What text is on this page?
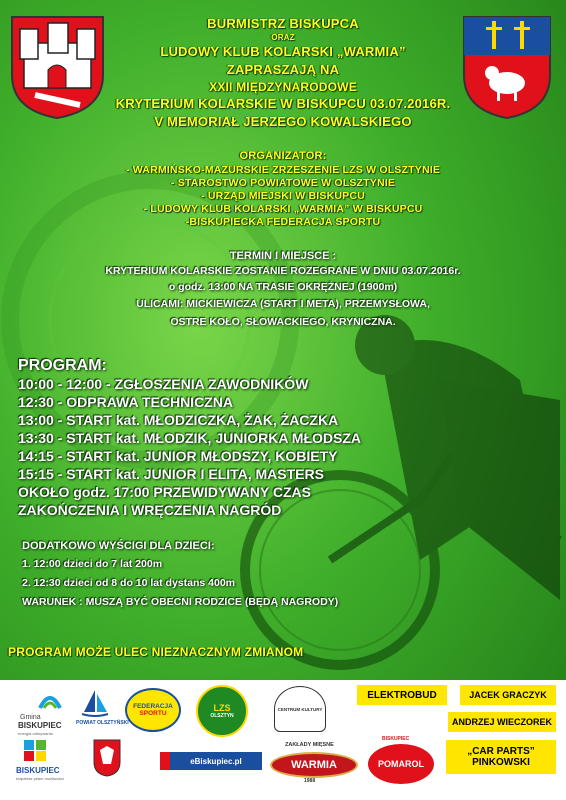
BURMISTRZ BISKUPCA
ORAZ
LUDOWY KLUB KOLARSKI „WARMIA”
ZAPRASZAJĄ NA
XXII MIĘDZYNARODOWE
KRYTERIUM KOLARSKIE W BISKUPCU 03.07.2016R.
V MEMORIAŁ JERZEGO KOWALSKIEGO
ORGANIZATOR:
- WARMIŃSKO-MAZURSKIE ZRZESZENIE LZS W OLSZTYNIE
- STAROSTWO POWIATOWE W OLSZTYNIE
- URZĄD MIEJSKI W BISKUPCU
- LUDOWY KLUB KOLARSKI „WARMIA” W BISKUPCU
-BISKUPIECKA FEDERACJA SPORTU
TERMIN I MIEJSCE :
KRYTERIUM KOLARSKIE ZOSTANIE ROZEGRANE W DNIU 03.07.2016r.
o godz. 13:00 NA TRASIE OKRĘŻNEJ (1900m)
ULICAMI: MICKIEWICZA (START I META), PRZEMYSŁOWA,
OSTRE KOŁO, SŁOWACKIEGO, KRYNICZNA.
PROGRAM:
10:00 - 12:00 - ZGŁOSZENIA ZAWODNIKÓW
12:30 - ODPRAWA TECHNICZNA
13:00 - START kat. MŁODZICZKA, ŻAK, ŻACZKA
13:30 - START kat. MŁODZIK, JUNIORKA MŁODSZA
14:15 - START kat. JUNIOR MŁODSZY, KOBIETY
15:15 - START kat. JUNIOR I ELITA, MASTERS
OKOŁO godz. 17:00 PRZEWIDYWANY CZAS
ZAKOŃCZENIA I WRĘCZENIA NAGRÓD
DODATKOWO WYŚCIGI DLA DZIECI:
1. 12:00 dzieci do 7 lat 200m
2. 12:30 dzieci od 8 do 10 lat dystans 400m
WARUNEK : MUSZĄ BYĆ OBECNI RODZICE (BĘDĄ NAGRODY)
PROGRAM MOŻE ULEC NIEZNACZNYM ZMIANOM
Gmina
BISKUPIEC
energia odkrywania
POWIAT OLSZTYŃSKI
FEDERACJA
SPORTU
LZS
OLSZTYN
CENTRUM KULTURY
ELEKTROBUD	JACEK GRACZYK
ANDRZEJ WIECZOREK
BISKUPIEC
krajobraz pełen możliwości
eBiskupiec.pl
ZAKŁADY MIĘSNE
WARMIA
1988
BISKUPIEC
POMAROL
„CAR PARTS”
PINKOWSKI
